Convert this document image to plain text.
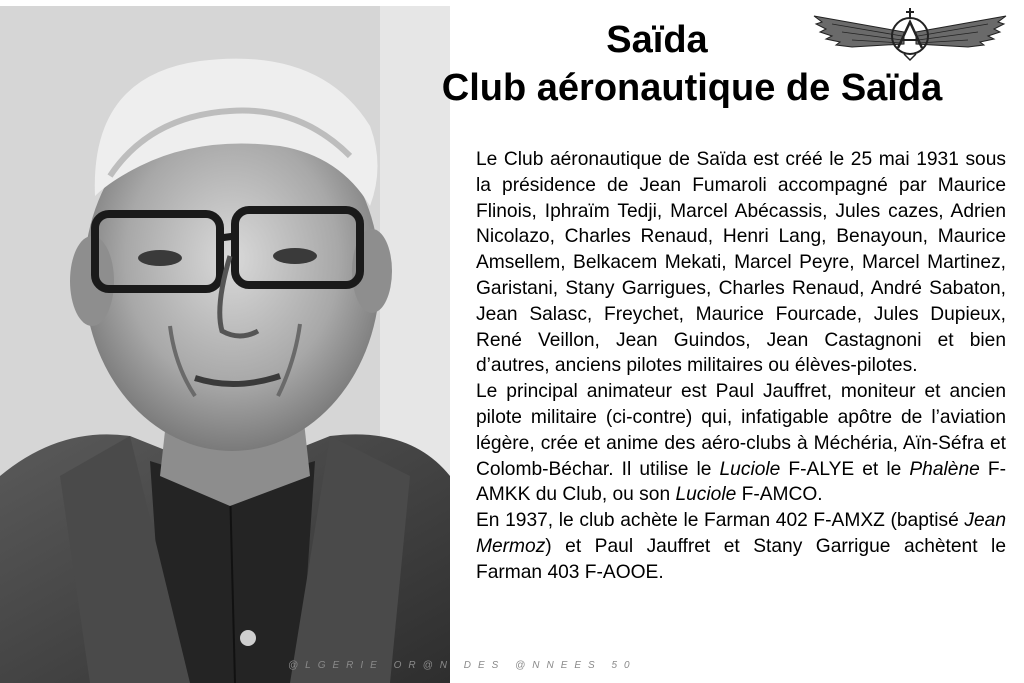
Saïda
Club aéronautique de Saïda

Le Club aéronautique de Saïda est créé le 25 mai 1931 sous la présidence de Jean Fumaroli accompagné par Maurice Flinois, Iphraïm Tedji, Marcel Abécassis, Jules cazes, Adrien Nicolazo, Charles Renaud, Henri Lang, Benayoun, Maurice Amsellem, Belkacem Mekati, Marcel Peyre, Marcel Martinez, Garistani, Stany Garrigues, Charles Renaud, André Sabaton, Jean Salasc, Freychet, Maurice Fourcade, Jules Dupieux, René Veillon, Jean Guindos, Jean Castagnoni et bien d’autres, anciens pilotes militaires ou élèves-pilotes.

Le principal animateur est Paul Jauffret, moniteur et ancien pilote militaire (ci-contre) qui, infatigable apôtre de l’aviation légère, crée et anime des aéro-clubs à Méchéria, Aïn-Séfra et Colomb-Béchar. Il utilise le Luciole F-ALYE et le Phalène F-AMKK du Club, ou son Luciole F-AMCO.

En 1937, le club achète le Farman 402 F-AMXZ (baptisé Jean Mermoz) et Paul Jauffret et Stany Garrigue achètent le Farman 403 F-AOOE.

@LGERIE OR@N DES @NNEES 50
